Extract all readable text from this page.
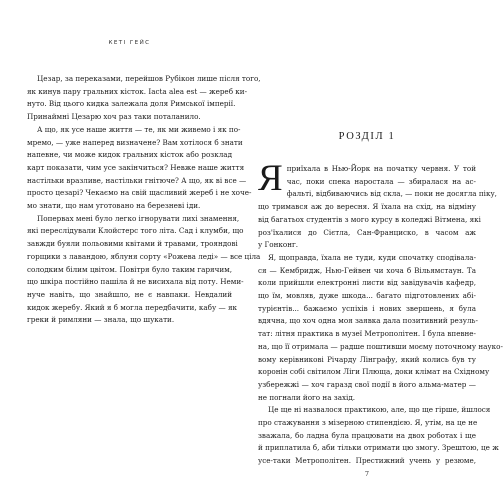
КЕТІ ГЕЙС
Цезар, за переказами, перейшов Рубікон лише після того,
як кинув пару гральних кісток. Iacta alea est — жереб ки-
нуто. Від цього кидка залежала доля Римської імперії.
Принаймні Цезарю хоч раз таки поталанило.
А що, як усе наше життя — те, як ми живемо і як по-
мремо, — уже наперед визначене? Вам хотілося б знати
напевне, чи може кидок гральних кісток або розклад
карт показати, чим усе закінчиться? Невже наше життя
настільки вразливе, настільки гнітюче? А що, як ві все —
просто цезарі? Чекаємо на свій щасливий жереб і не хоче-
мо знати, що нам уготовано на березневі іди.
Попервах мені було легко ігнорувати лихі знамення,
які переслідували Клойстерс того літа. Сад і клумби, що
завжди буяли польовими квітами й травами, трояндові
горщики з лавандою, яблуня сорту «Рожева леді» — все ціла
солодким білим цвітом. Повітря було таким гарячим,
що шкіра постійно пашіла й не висихала від поту. Неми-
нуче навіть, що знайшло, не є навпаки. Невдалий
кидок жеребу. Який я б могла передбачити, кабу — як
греки й римляни — знала, що шукати.
РОЗДІЛ 1
Я приїхала в Нью-Йорк на початку червня. У той
час, поки спека наростала — збиралася на ас-
фальті, відбиваючись від скла, — поки не досягла піку,
що тримався аж до вересня. Я їхала на схід, на відміну
від багатьох студентів з мого курсу в коледжі Вітмена, які
роз'їхалися до Сієтла, Сан-Франциско, в часом аж
у Гонконг.
Я, щоправда, їхала не туди, куди спочатку сподівала-
ся — Кембридж, Нью-Гейвен чи хоча б Вільямстаун. Та
коли прийшли електронні листи від завідувачів кафедр,
що їм, мовляв, дуже шкода... багато підготовлених абі-
турієнтів... бажаємо успіхів і нових звершень, я була
вдячна, що хоч одна моя заявка дала позитивний резуль-
тат: літня практика в музеї Метрополітен. І була впевне-
на, що її отримала — радше поштивши моєму поточному науко-
вому керівникові Річарду Лінграфу, який колись був ту
коронін собі світилом Ліги Плюща, доки клімат на Східному
узбережжі — хоч гаразд свої події в його альма-матер —
не погнали його на захід.
Це ще ні назвалося практикою, але, що ще гірше, йшлося
про стажування з мізерною стипендією. Я, утім, на це не
зважала, бо ладна була працювати на двох роботах і ще
й приплатила б, аби тільки отримати цю змогу. Зрештою, це ж
усе-таки Метрополітен. Престижний учень у резюме,
7
